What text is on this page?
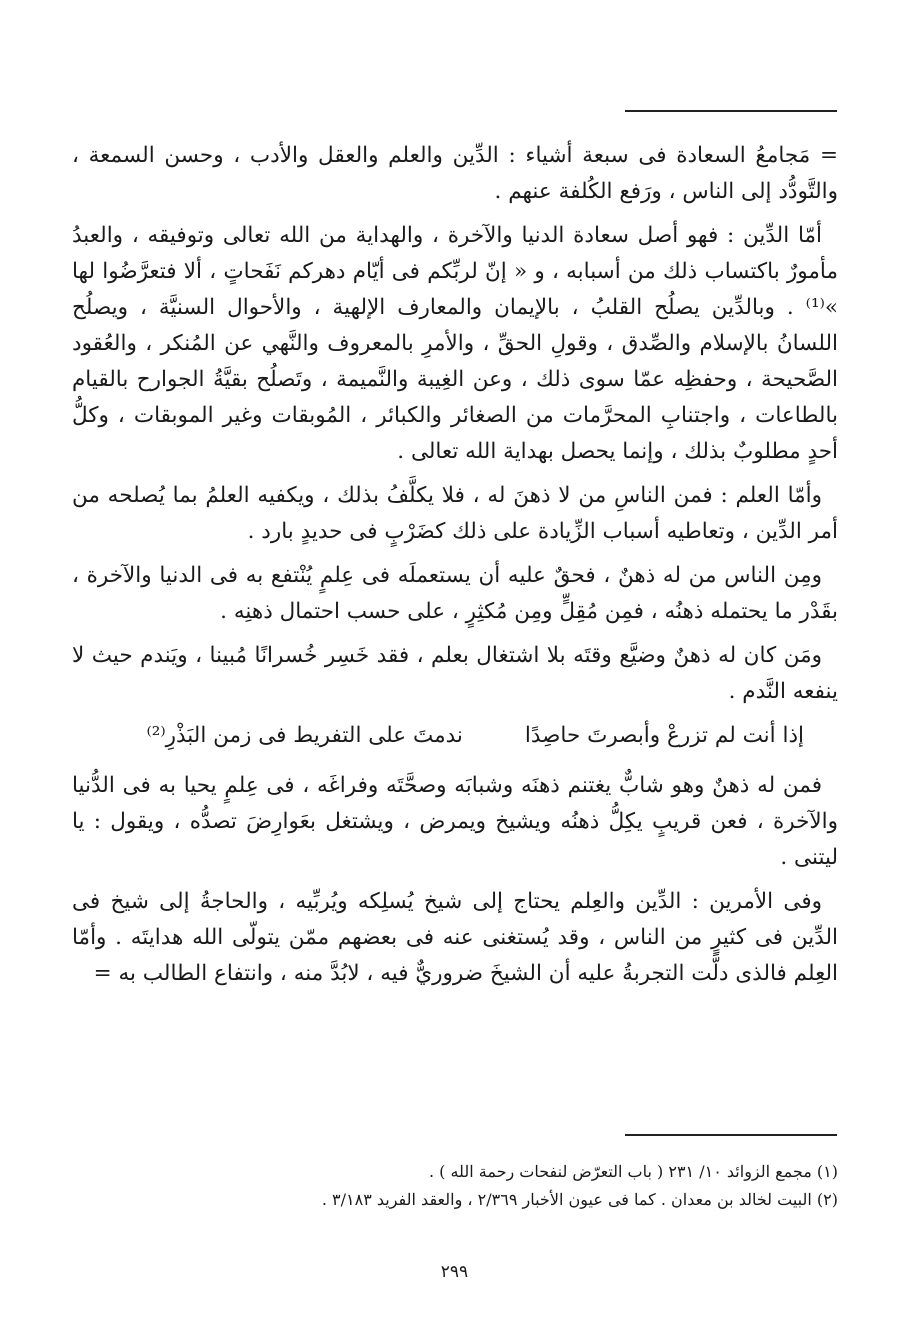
= مَجامعُ السعادة فى سبعة أشياء : الدِّين والعلم والعقل والأدب ، وحسن السمعة ، والتَّودُّد إلى الناس ، ورَفع الكُلفة عنهم .

أمّا الدِّين : فهو أصل سعادة الدنيا والآخرة ، والهداية من الله تعالى وتوفيقه ، والعبدُ مأمورٌ باكتساب ذلك من أسبابه ، و « إنّ لربِّكم فى أيّام دهركم نَفَحاتٍ ، ألا فتعرَّضُوا لها »⁽¹⁾ . وبالدِّين يصلُح القلبُ ، بالإيمان والمعارف الإلهية ، والأحوال السنيَّة ، ويصلُح اللسانُ بالإسلام والصِّدق ، وقولِ الحقِّ ، والأمرِ بالمعروف والنَّهي عن المُنكر ، والعُقود الصَّحيحة ، وحفظِه عمّا سوى ذلك ، وعن الغِيبة والنَّميمة ، وتَصلُح بقيَّةُ الجوارح بالقيام بالطاعات ، واجتنابِ المحرَّمات من الصغائر والكبائر ، المُوبقات وغير الموبقات ، وكلُّ أحدٍ مطلوبٌ بذلك ، وإنما يحصل بهداية الله تعالى .

وأمّا العلم : فمن الناسِ من لا ذهنَ له ، فلا يكلَّفُ بذلك ، ويكفيه العلمُ بما يُصلحه من أمر الدِّين ، وتعاطيه أسباب الزِّيادة على ذلك كضَرْبٍ فى حديدٍ بارد .

ومِن الناس من له ذهنٌ ، فحقٌ عليه أن يستعملَه فى عِلمٍ يُنْتفع به فى الدنيا والآخرة ، بقَدْر ما يحتمله ذهنُه ، فمِن مُقِلٍّ ومِن مُكثِرٍ ، على حسب احتمال ذهنِه .

ومَن كان له ذهنٌ وضيَّع وقتَه بلا اشتغال بعلم ، فقد خَسِر خُسرانًا مُبينا ، ويَندم حيث لا ينفعه النَّدم .

إذا أنت لم تزرعْ وأبصرتَ حاصِدًا
ندمتَ على التفريط فى زمن البَذْرِ⁽²⁾

فمن له ذهنٌ وهو شابٌّ يغتنم ذهنَه وشبابَه وصحَّتَه وفراغَه ، فى عِلمٍ يحيا به فى الدُّنيا والآخرة ، فعن قريبٍ يكِلُّ ذهنُه ويشيخ ويمرض ، ويشتغل بعَوارِضَ تصدُّه ، ويقول : يا ليتنى .

وفى الأمرين : الدِّين والعِلم يحتاج إلى شيخ يُسلِكه ويُربِّيه ، والحاجةُ إلى شيخ فى الدِّين فى كثيرٍ من الناس ، وقد يُستغنى عنه فى بعضهم ممّن يتولّى الله هدايتَه . وأمّا العِلم فالذى دلَّت التجربةُ عليه أن الشيخَ ضروريٌّ فيه ، لابُدَّ منه ، وانتفاع الطالب به =

(١) مجمع الزوائد ١٠/ ٢٣١ ( باب التعرّض لنفحات رحمة الله ) .

(٢) البيت لخالد بن معدان . كما فى عيون الأخبار ٢/٣٦٩ ، والعقد الفريد ٣/١٨٣ .

٢٩٩
